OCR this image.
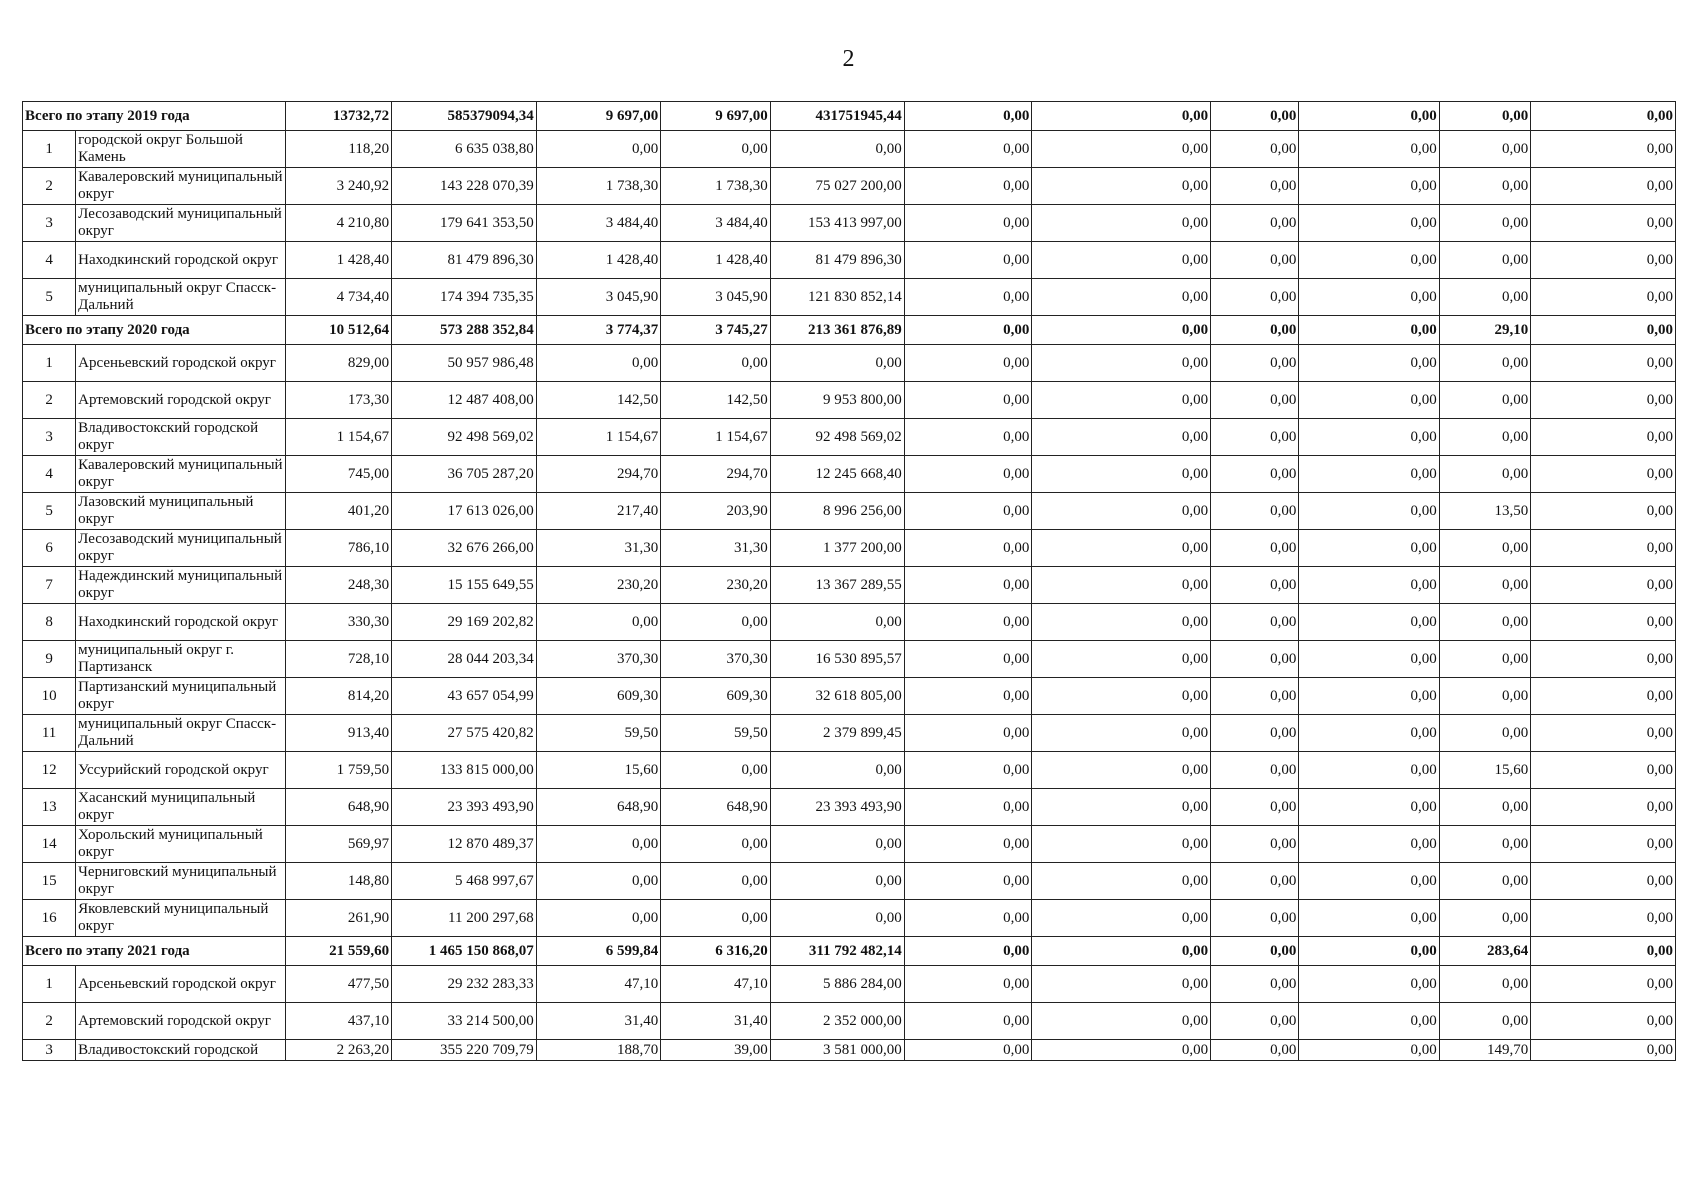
2
Всего по этапу 2019 года		13732,72	585379094,34	9 697,00	9 697,00	431751945,44	0,00	0,00	0,00	0,00	0,00	0,00
1	городской округ Большой Камень	118,20	6 635 038,80	0,00	0,00	0,00	0,00	0,00	0,00	0,00	0,00	0,00
2	Кавалеровский муниципальный округ	3 240,92	143 228 070,39	1 738,30	1 738,30	75 027 200,00	0,00	0,00	0,00	0,00	0,00	0,00
3	Лесозаводский муниципальный округ	4 210,80	179 641 353,50	3 484,40	3 484,40	153 413 997,00	0,00	0,00	0,00	0,00	0,00	0,00
4	Находкинский городской округ	1 428,40	81 479 896,30	1 428,40	1 428,40	81 479 896,30	0,00	0,00	0,00	0,00	0,00	0,00
5	муниципальный округ Спасск-Дальний	4 734,40	174 394 735,35	3 045,90	3 045,90	121 830 852,14	0,00	0,00	0,00	0,00	0,00	0,00
Всего по этапу 2020 года		10 512,64	573 288 352,84	3 774,37	3 745,27	213 361 876,89	0,00	0,00	0,00	0,00	29,10	0,00
1	Арсеньевский городской округ	829,00	50 957 986,48	0,00	0,00	0,00	0,00	0,00	0,00	0,00	0,00	0,00
2	Артемовский городской округ	173,30	12 487 408,00	142,50	142,50	9 953 800,00	0,00	0,00	0,00	0,00	0,00	0,00
3	Владивостокский городской округ	1 154,67	92 498 569,02	1 154,67	1 154,67	92 498 569,02	0,00	0,00	0,00	0,00	0,00	0,00
4	Кавалеровский муниципальный округ	745,00	36 705 287,20	294,70	294,70	12 245 668,40	0,00	0,00	0,00	0,00	0,00	0,00
5	Лазовский муниципальный округ	401,20	17 613 026,00	217,40	203,90	8 996 256,00	0,00	0,00	0,00	0,00	13,50	0,00
6	Лесозаводский муниципальный округ	786,10	32 676 266,00	31,30	31,30	1 377 200,00	0,00	0,00	0,00	0,00	0,00	0,00
7	Надеждинский муниципальный округ	248,30	15 155 649,55	230,20	230,20	13 367 289,55	0,00	0,00	0,00	0,00	0,00	0,00
8	Находкинский городской округ	330,30	29 169 202,82	0,00	0,00	0,00	0,00	0,00	0,00	0,00	0,00	0,00
9	муниципальный округ г. Партизанск	728,10	28 044 203,34	370,30	370,30	16 530 895,57	0,00	0,00	0,00	0,00	0,00	0,00
10	Партизанский муниципальный округ	814,20	43 657 054,99	609,30	609,30	32 618 805,00	0,00	0,00	0,00	0,00	0,00	0,00
11	муниципальный округ Спасск-Дальний	913,40	27 575 420,82	59,50	59,50	2 379 899,45	0,00	0,00	0,00	0,00	0,00	0,00
12	Уссурийский городской округ	1 759,50	133 815 000,00	15,60	0,00	0,00	0,00	0,00	0,00	0,00	15,60	0,00
13	Хасанский муниципальный округ	648,90	23 393 493,90	648,90	648,90	23 393 493,90	0,00	0,00	0,00	0,00	0,00	0,00
14	Хорольский муниципальный округ	569,97	12 870 489,37	0,00	0,00	0,00	0,00	0,00	0,00	0,00	0,00	0,00
15	Черниговский муниципальный округ	148,80	5 468 997,67	0,00	0,00	0,00	0,00	0,00	0,00	0,00	0,00	0,00
16	Яковлевский муниципальный округ	261,90	11 200 297,68	0,00	0,00	0,00	0,00	0,00	0,00	0,00	0,00	0,00
Всего по этапу 2021 года		21 559,60	1 465 150 868,07	6 599,84	6 316,20	311 792 482,14	0,00	0,00	0,00	0,00	283,64	0,00
1	Арсеньевский городской округ	477,50	29 232 283,33	47,10	47,10	5 886 284,00	0,00	0,00	0,00	0,00	0,00	0,00
2	Артемовский городской округ	437,10	33 214 500,00	31,40	31,40	2 352 000,00	0,00	0,00	0,00	0,00	0,00	0,00
3	Владивостокский городской	2 263,20	355 220 709,79	188,70	39,00	3 581 000,00	0,00	0,00	0,00	0,00	149,70	0,00
